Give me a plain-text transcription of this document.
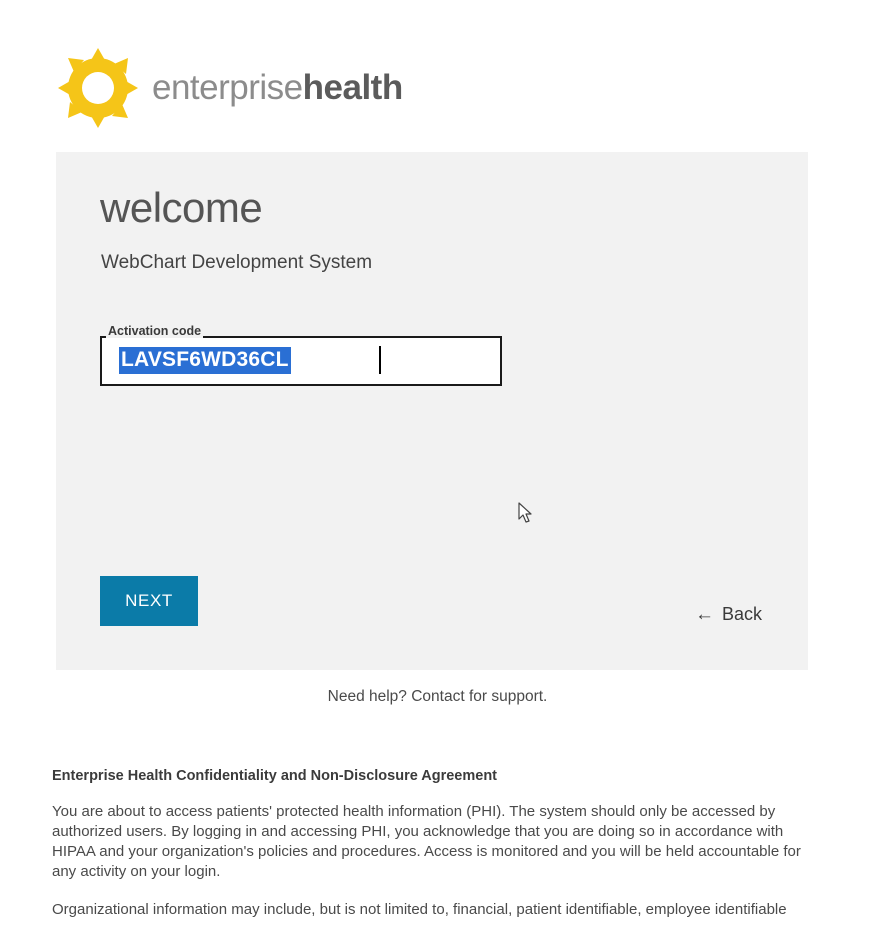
enterprisehealth
welcome
WebChart Development System
Activation code
LAVSF6WD36CL
NEXT
← Back
Need help? Contact for support.
Enterprise Health Confidentiality and Non-Disclosure Agreement

You are about to access patients' protected health information (PHI). The system should only be accessed by authorized users. By logging in and accessing PHI, you acknowledge that you are doing so in accordance with HIPAA and your organization's policies and procedures. Access is monitored and you will be held accountable for any activity on your login.

Organizational information may include, but is not limited to, financial, patient identifiable, employee identifiable
